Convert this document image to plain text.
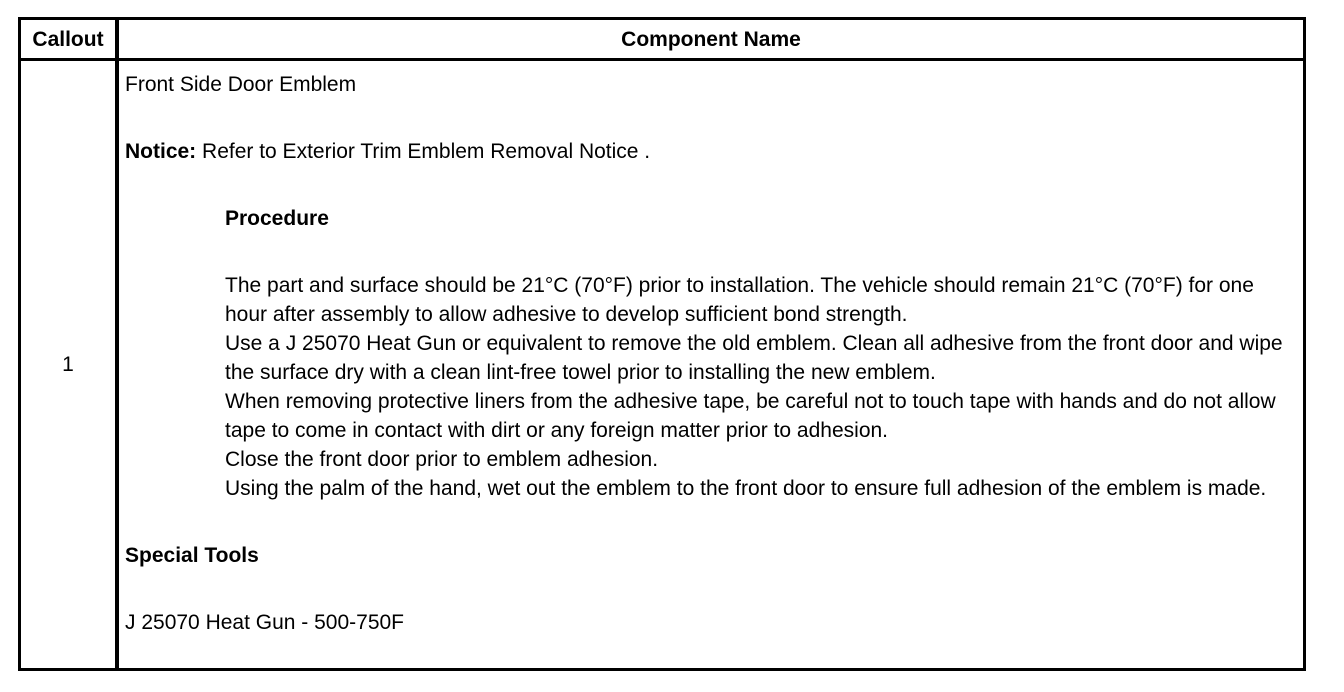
Callout	Component Name
1

Front Side Door Emblem

Notice: Refer to Exterior Trim Emblem Removal Notice .

Procedure

The part and surface should be 21°C (70°F) prior to installation. The vehicle should remain 21°C (70°F) for one hour after assembly to allow adhesive to develop sufficient bond strength.

Use a J 25070 Heat Gun or equivalent to remove the old emblem. Clean all adhesive from the front door and wipe the surface dry with a clean lint-free towel prior to installing the new emblem.

When removing protective liners from the adhesive tape, be careful not to touch tape with hands and do not allow tape to come in contact with dirt or any foreign matter prior to adhesion.

Close the front door prior to emblem adhesion.

Using the palm of the hand, wet out the emblem to the front door to ensure full adhesion of the emblem is made.

Special Tools

J 25070 Heat Gun - 500-750F
